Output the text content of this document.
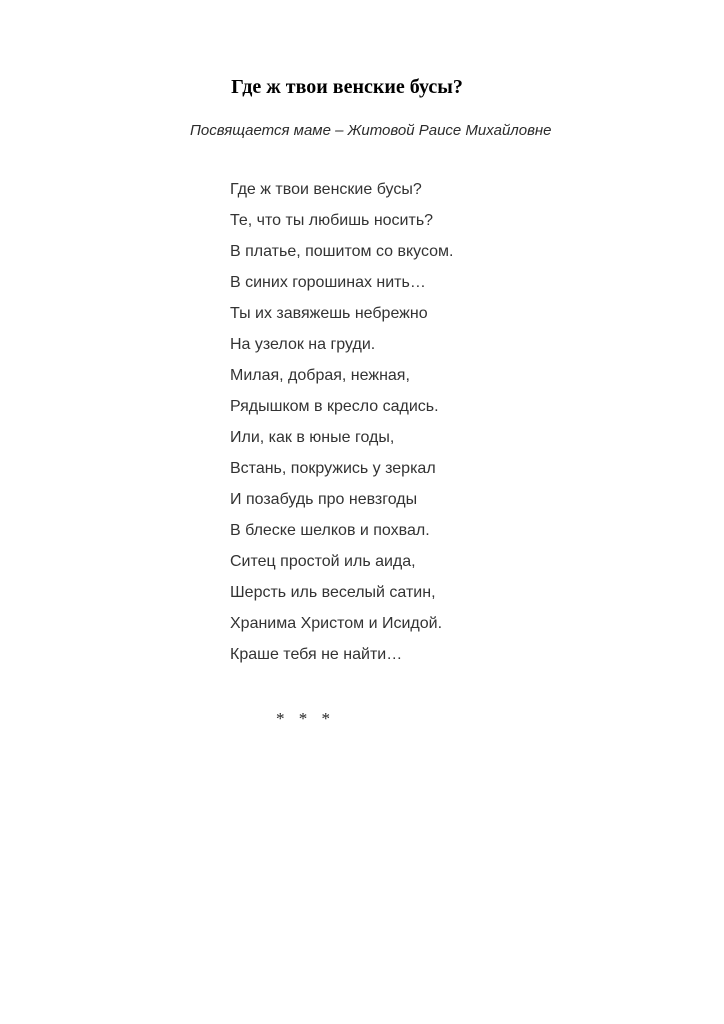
Где ж твои венские бусы?
Посвящается маме – Житовой Раисе Михайловне
Где ж твои венские бусы?
Те, что ты любишь носить?
В платье, пошитом со вкусом.
В синих горошинах нить…
Ты их завяжешь небрежно
На узелок на груди.
Милая, добрая, нежная,
Рядышком в кресло садись.
Или, как в юные годы,
Встань, покружись у зеркал
И позабудь про невзгоды
В блеске шелков и похвал.
Ситец простой иль аида,
Шерсть иль веселый сатин,
Хранима Христом и Исидой.
Краше тебя не найти…
* * *
